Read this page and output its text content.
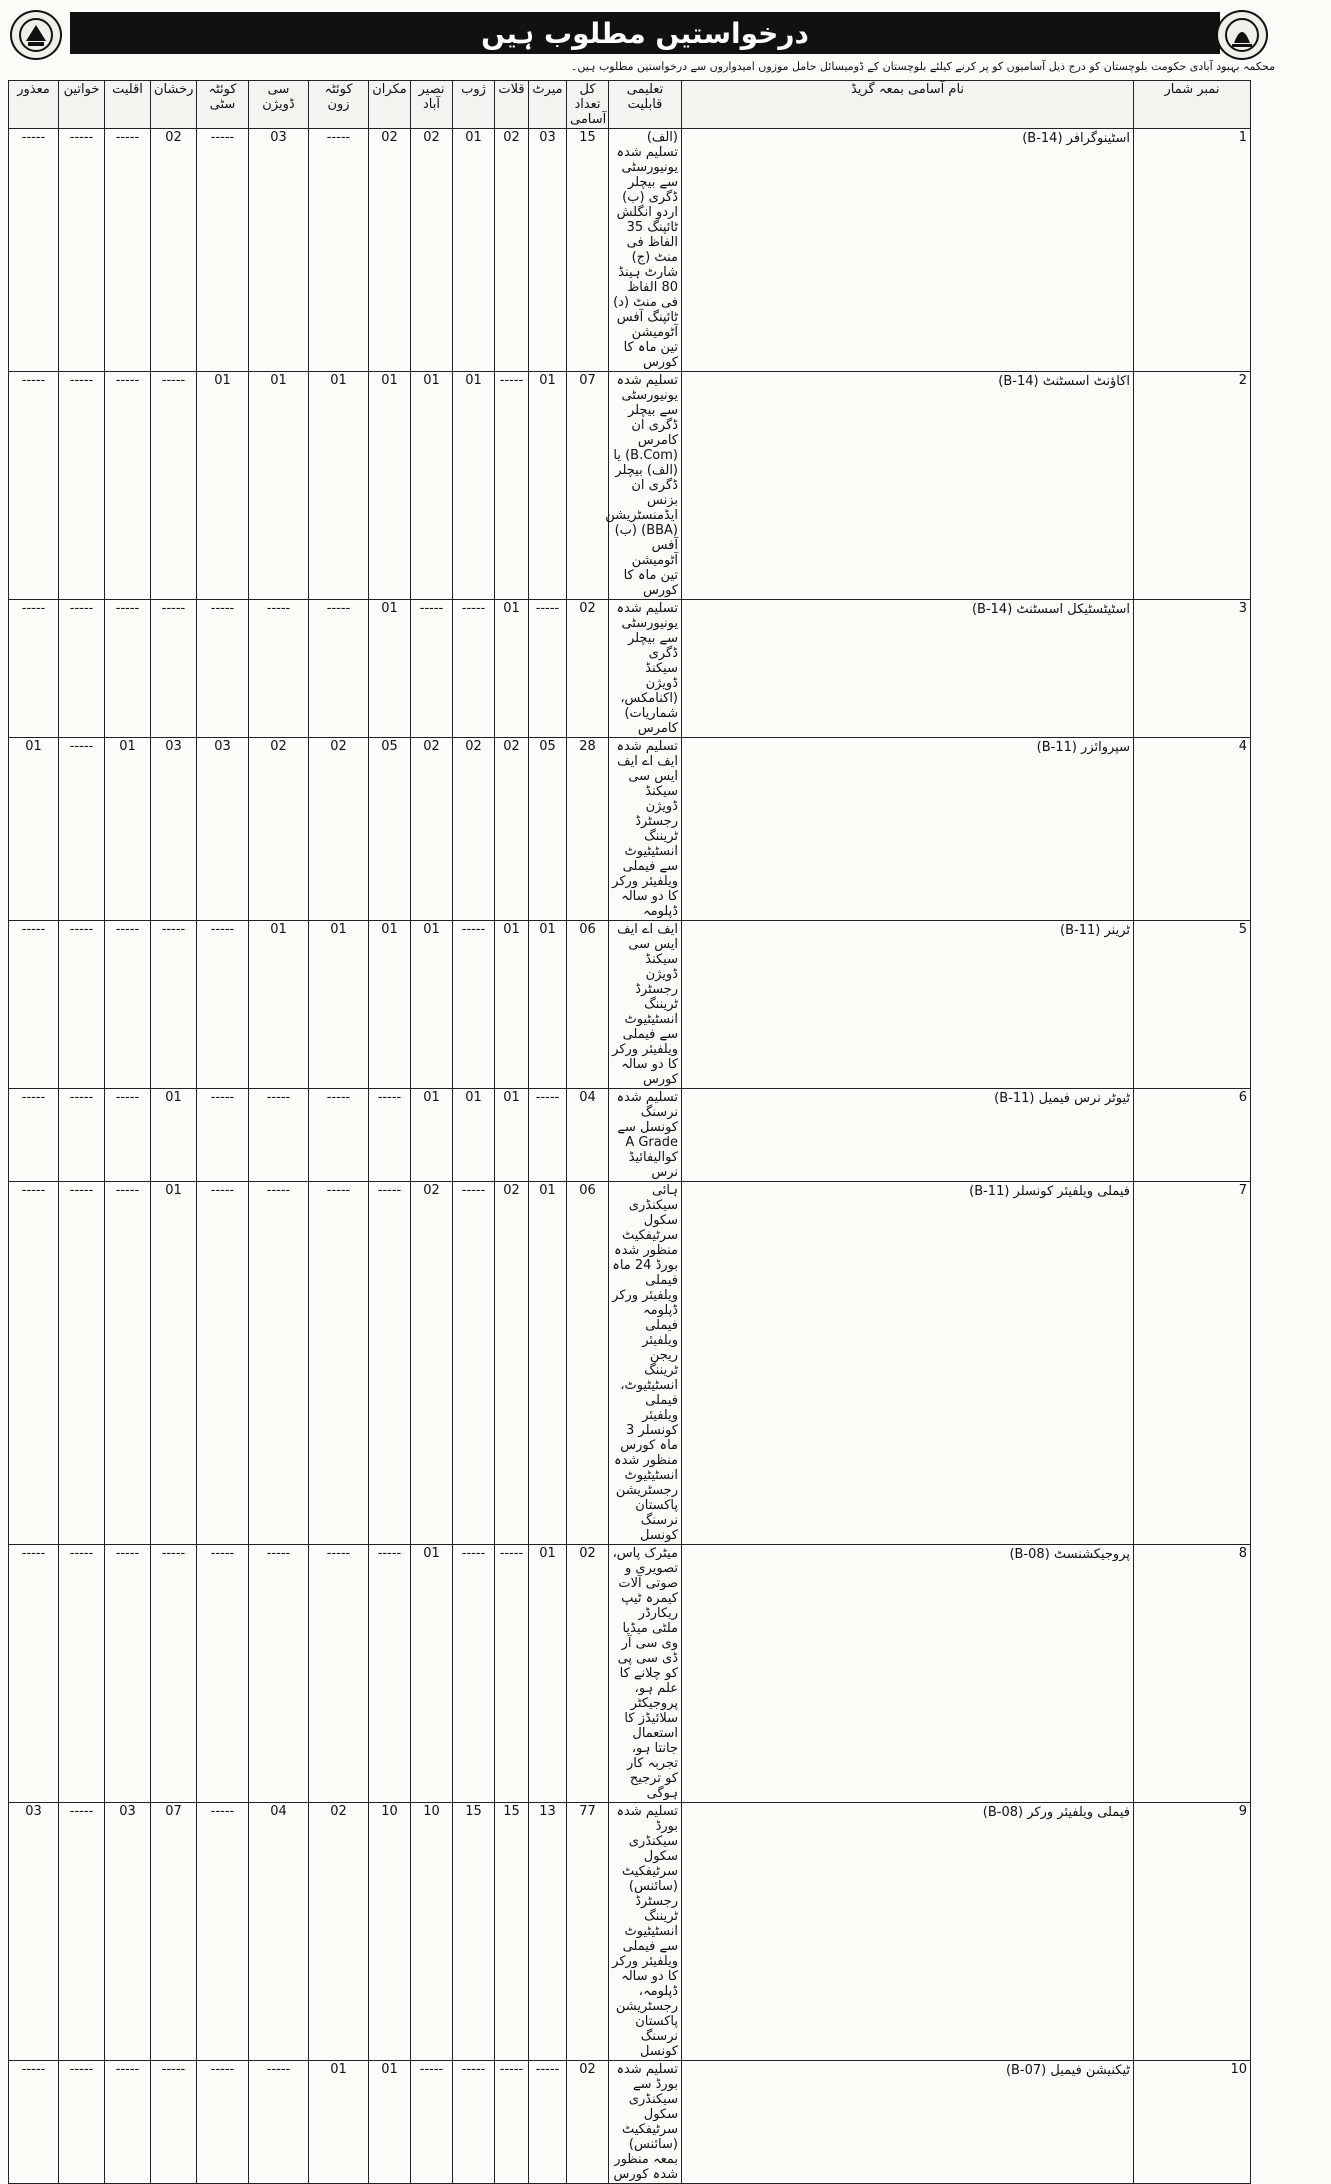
درخواستیں مطلوب ہیں
محکمہ بہبود آبادی حکومت بلوچستان کو درج ذیل آسامیوں کو پر کرنے کیلئے بلوچستان کے ڈومیسائل حامل موزوں امیدواروں سے درخواستیں مطلوب ہیں۔
معذور	خواتین	اقلیت	رخشان	کوئٹہ سٹی	سی ڈویژن	کوئٹہ زون	مکران	نصیر آباد	ژوب	قلات	میرٹ	کل تعداد آسامی	تعلیمی قابلیت	نام آسامی بمعہ گریڈ	نمبر شمار
-----	-----	-----	02	-----	03	-----	02	02	01	02	03	15	(الف) تسلیم شدہ یونیورسٹی سے بیچلر ڈگری (ب) اردو انگلش ٹائپنگ 35 الفاظ فی منٹ (ج) شارٹ ہینڈ 80 الفاظ فی منٹ (د) ٹائپنگ آفس آٹومیشن تین ماہ کا کورس	اسٹینوگرافر (B-14)	1
-----	-----	-----	-----	01	01	01	01	01	01	-----	01	07	تسلیم شدہ یونیورسٹی سے بیچلر ڈگری ان کامرس (B.Com) یا (الف) بیچلر ڈگری ان بزنس ایڈمنسٹریشن (BBA) (ب) آفس آٹومیشن تین ماہ کا کورس	اکاؤنٹ اسسٹنٹ (B-14)	2
-----	-----	-----	-----	-----	-----	-----	01	-----	-----	01	-----	02	تسلیم شدہ یونیورسٹی سے بیچلر ڈگری سیکنڈ ڈویژن (اکنامکس، شماریات) کامرس	اسٹیٹسٹیکل اسسٹنٹ (B-14)	3
01	-----	01	03	03	02	02	05	02	02	02	05	28	تسلیم شدہ ایف اے ایف ایس سی سیکنڈ ڈویژن رجسٹرڈ ٹریننگ انسٹیٹیوٹ سے فیملی ویلفیئر ورکر کا دو سالہ ڈپلومہ	سپروائزر (B-11)	4
-----	-----	-----	-----	-----	01	01	01	01	-----	01	01	06	ایف اے ایف ایس سی سیکنڈ ڈویژن رجسٹرڈ ٹریننگ انسٹیٹیوٹ سے فیملی ویلفیئر ورکر کا دو سالہ کورس	ٹرینر (B-11)	5
-----	-----	-----	01	-----	-----	-----	-----	01	01	01	-----	04	تسلیم شدہ نرسنگ کونسل سے A Grade کوالیفائیڈ نرس	ٹیوٹر نرس فیمیل (B-11)	6
-----	-----	-----	01	-----	-----	-----	-----	02	-----	02	01	06	ہائی سیکنڈری سکول سرٹیفکیٹ منظور شدہ بورڈ 24 ماہ فیملی ویلفیئر ورکر ڈپلومہ فیملی ویلفیئر ریجن ٹریننگ انسٹیٹیوٹ، فیملی ویلفیئر کونسلر 3 ماہ کورس منظور شدہ انسٹیٹیوٹ رجسٹریشن پاکستان نرسنگ کونسل	فیملی ویلفیئر کونسلر (B-11)	7
-----	-----	-----	-----	-----	-----	-----	-----	01	-----	-----	01	02	میٹرک پاس، تصویری و صوتی آلات کیمرہ ٹیپ ریکارڈر ملٹی میڈیا وی سی آر ڈی سی پی کو چلانے کا علم ہو، پروجیکٹر سلائیڈز کا استعمال جانتا ہو، تجربہ کار کو ترجیح ہوگی	پروجیکشنسٹ (B-08)	8
03	-----	03	07	-----	04	02	10	10	15	15	13	77	تسلیم شدہ بورڈ سیکنڈری سکول سرٹیفکیٹ (سائنس) رجسٹرڈ ٹریننگ انسٹیٹیوٹ سے فیملی ویلفیئر ورکر کا دو سالہ ڈپلومہ، رجسٹریشن پاکستان نرسنگ کونسل	فیملی ویلفیئر ورکر (B-08)	9
-----	-----	-----	-----	-----	-----	01	01	-----	-----	-----	-----	02	تسلیم شدہ بورڈ سے سیکنڈری سکول سرٹیفکیٹ (سائنس) بمعہ منظور شدہ کورس	ٹیکنیشن فیمیل (B-07)	10
